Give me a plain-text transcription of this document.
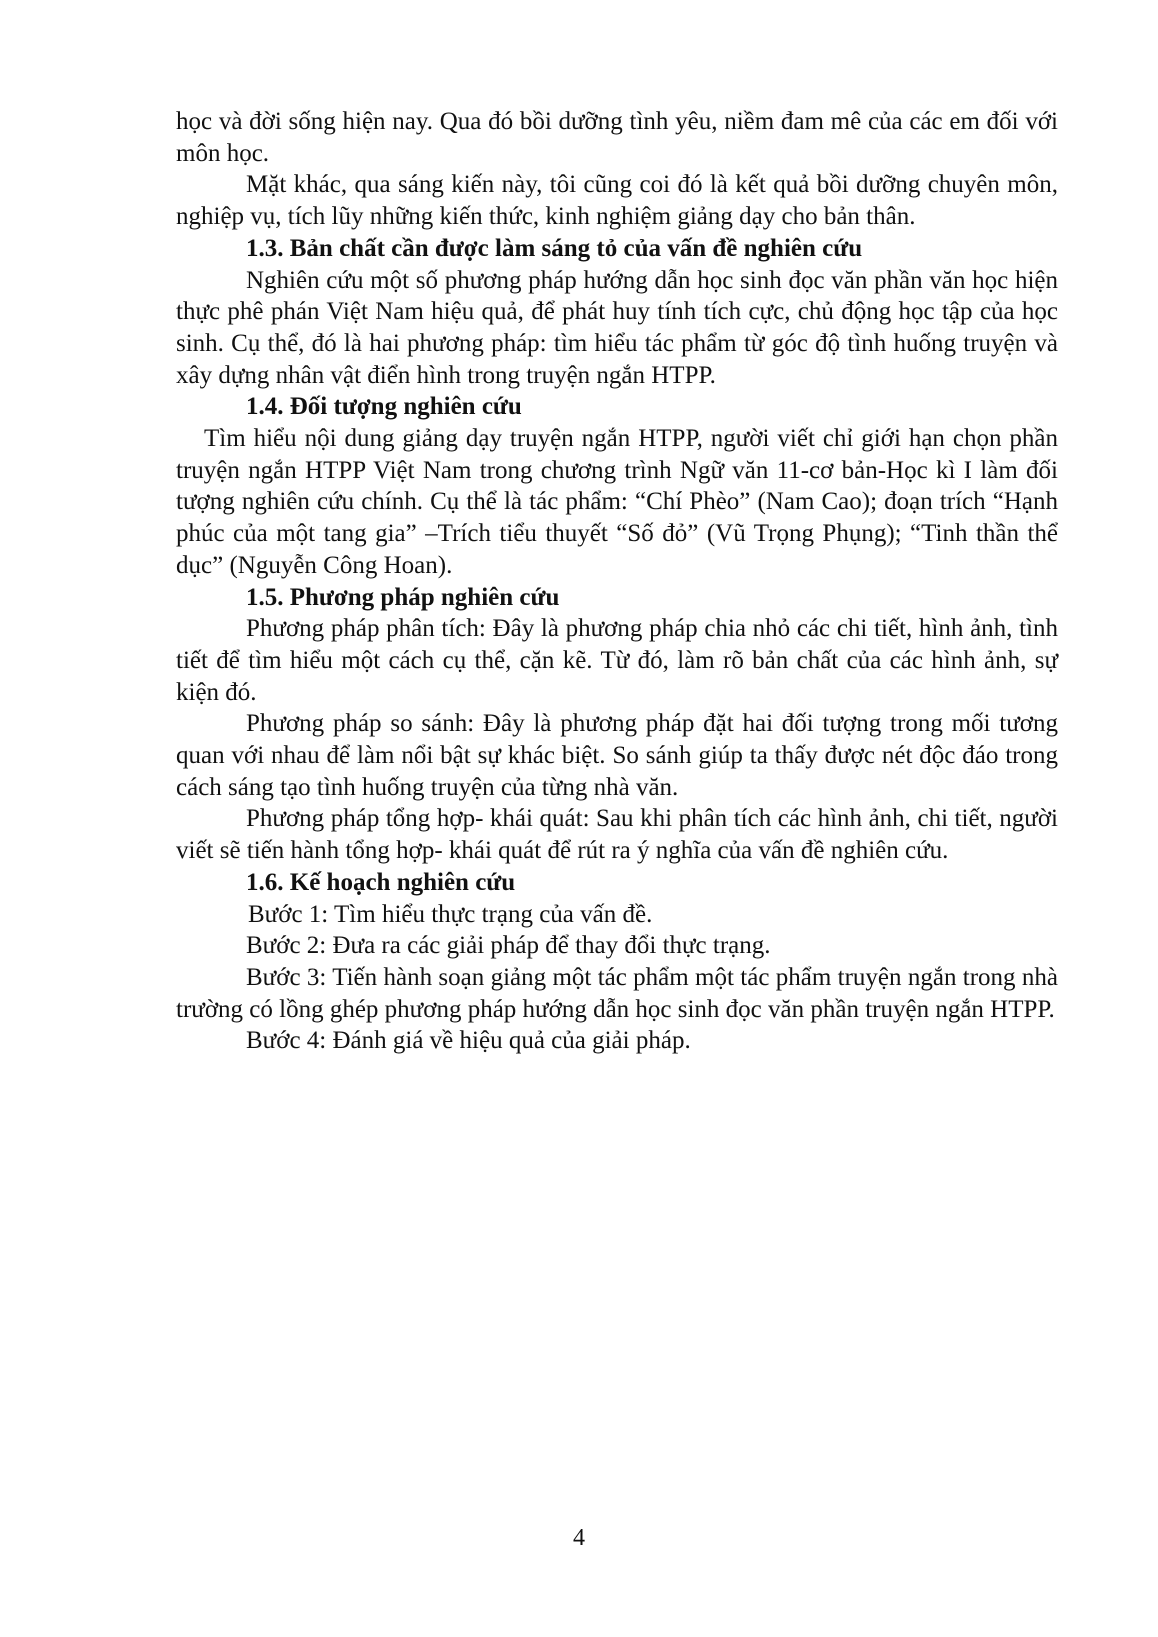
học và đời sống hiện nay. Qua đó bồi dưỡng tình yêu, niềm đam mê của các em đối với môn học.

Mặt khác, qua sáng kiến này, tôi cũng coi đó là kết quả bồi dưỡng chuyên môn, nghiệp vụ, tích lũy những kiến thức, kinh nghiệm giảng dạy cho bản thân.

1.3. Bản chất cần được làm sáng tỏ của vấn đề nghiên cứu

Nghiên cứu một số phương pháp hướng dẫn học sinh đọc văn phần văn học hiện thực phê phán Việt Nam hiệu quả, để phát huy tính tích cực, chủ động học tập của học sinh. Cụ thể, đó là hai phương pháp: tìm hiểu tác phẩm từ góc độ tình huống truyện và xây dựng nhân vật điển hình trong truyện ngắn HTPP.

1.4. Đối tượng nghiên cứu

Tìm hiểu nội dung giảng dạy truyện ngắn HTPP, người viết chỉ giới hạn chọn phần truyện ngắn HTPP Việt Nam trong chương trình Ngữ văn 11-cơ bản-Học kì I làm đối tượng nghiên cứu chính. Cụ thể là tác phẩm: “Chí Phèo” (Nam Cao); đoạn trích “Hạnh phúc của một tang gia” –Trích tiểu thuyết “Số đỏ” (Vũ Trọng Phụng); “Tinh thần thể dục” (Nguyễn Công Hoan).

1.5. Phương pháp nghiên cứu

Phương pháp phân tích: Đây là phương pháp chia nhỏ các chi tiết, hình ảnh, tình tiết để tìm hiểu một cách cụ thể, cặn kẽ. Từ đó, làm rõ bản chất của các hình ảnh, sự kiện đó.

Phương pháp so sánh: Đây là phương pháp đặt hai đối tượng trong mối tương quan với nhau để làm nổi bật sự khác biệt. So sánh giúp ta thấy được nét độc đáo trong cách sáng tạo tình huống truyện của từng nhà văn.

Phương pháp tổng hợp- khái quát: Sau khi phân tích các hình ảnh, chi tiết, người viết sẽ tiến hành tổng hợp- khái quát để rút ra ý nghĩa của vấn đề nghiên cứu.

1.6. Kế hoạch nghiên cứu

Bước 1: Tìm hiểu thực trạng của vấn đề.

Bước 2: Đưa ra các giải pháp để thay đổi thực trạng.

Bước 3: Tiến hành soạn giảng một tác phẩm một tác phẩm truyện ngắn trong nhà trường có lồng ghép phương pháp hướng dẫn học sinh đọc văn phần truyện ngắn HTPP.

Bước 4: Đánh giá về hiệu quả của giải pháp.

4
